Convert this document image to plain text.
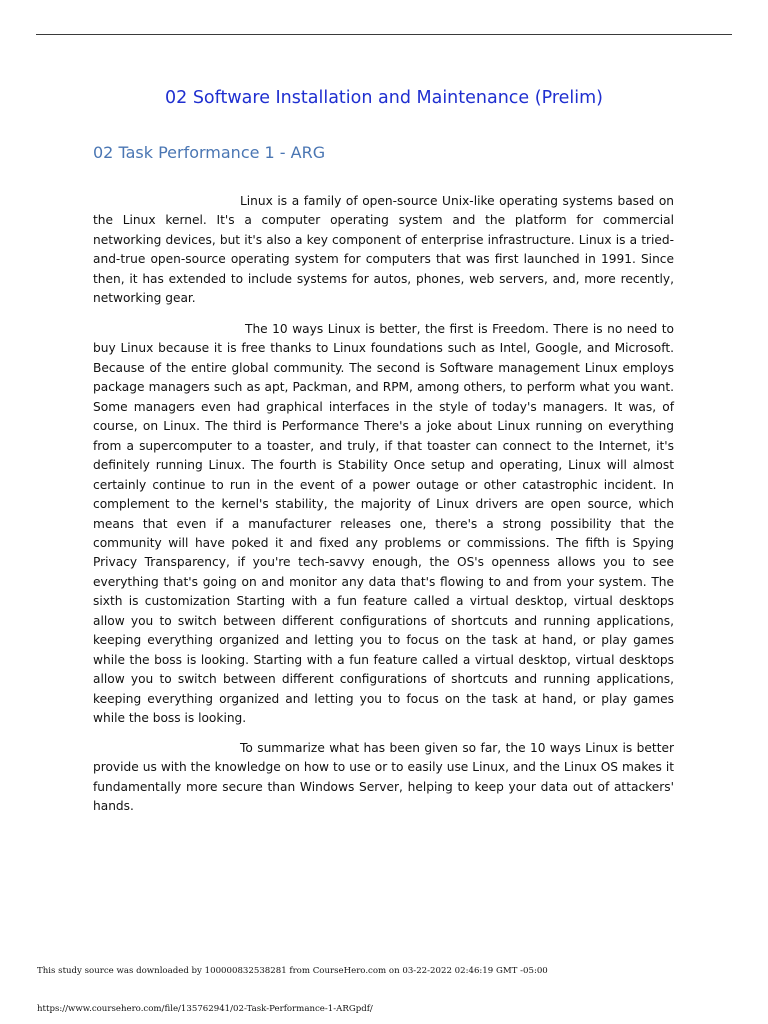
02 Software Installation and Maintenance (Prelim)
02 Task Performance 1 - ARG

Linux is a family of open-source Unix-like operating systems based on the Linux kernel. It's a computer operating system and the platform for commercial networking devices, but it's also a key component of enterprise infrastructure. Linux is a tried-and-true open-source operating system for computers that was first launched in 1991. Since then, it has extended to include systems for autos, phones, web servers, and, more recently, networking gear.

The 10 ways Linux is better, the first is Freedom. There is no need to buy Linux because it is free thanks to Linux foundations such as Intel, Google, and Microsoft. Because of the entire global community. The second is Software management Linux employs package managers such as apt, Packman, and RPM, among others, to perform what you want. Some managers even had graphical interfaces in the style of today's managers. It was, of course, on Linux. The third is Performance There's a joke about Linux running on everything from a supercomputer to a toaster, and truly, if that toaster can connect to the Internet, it's definitely running Linux. The fourth is Stability Once setup and operating, Linux will almost certainly continue to run in the event of a power outage or other catastrophic incident. In complement to the kernel's stability, the majority of Linux drivers are open source, which means that even if a manufacturer releases one, there's a strong possibility that the community will have poked it and fixed any problems or commissions. The fifth is Spying Privacy Transparency, if you're tech-savvy enough, the OS's openness allows you to see everything that's going on and monitor any data that's flowing to and from your system. The sixth is customization Starting with a fun feature called a virtual desktop, virtual desktops allow you to switch between different configurations of shortcuts and running applications, keeping everything organized and letting you to focus on the task at hand, or play games while the boss is looking. Starting with a fun feature called a virtual desktop, virtual desktops allow you to switch between different configurations of shortcuts and running applications, keeping everything organized and letting you to focus on the task at hand, or play games while the boss is looking.

To summarize what has been given so far, the 10 ways Linux is better provide us with the knowledge on how to use or to easily use Linux, and the Linux OS makes it fundamentally more secure than Windows Server, helping to keep your data out of attackers' hands.

This study source was downloaded by 100000832538281 from CourseHero.com on 03-22-2022 02:46:19 GMT -05:00
https://www.coursehero.com/file/135762941/02-Task-Performance-1-ARGpdf/
